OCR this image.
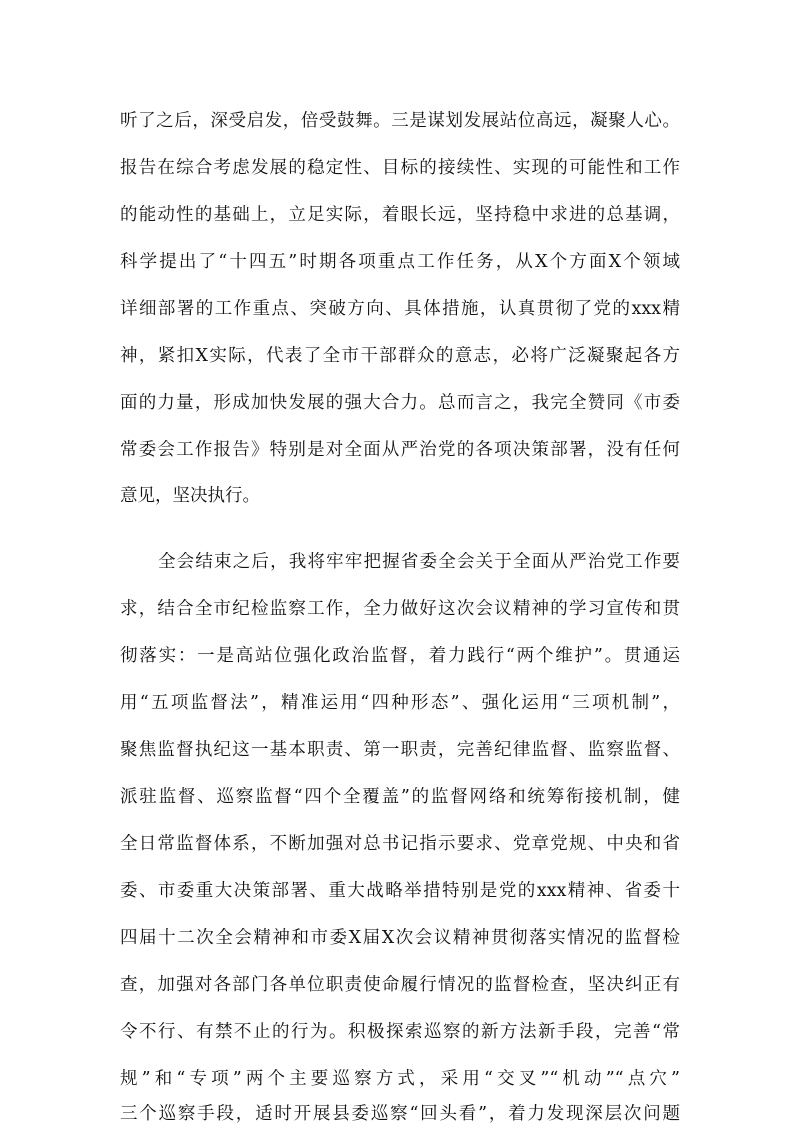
听了之后，深受启发，倍受鼓舞。三是谋划发展站位高远，凝聚人心。
报告在综合考虑发展的稳定性、目标的接续性、实现的可能性和工作
的能动性的基础上，立足实际，着眼长远，坚持稳中求进的总基调，
科学提出了“十四五”时期各项重点工作任务，从X个方面X个领域
详细部署的工作重点、突破方向、具体措施，认真贯彻了党的xxx精
神，紧扣X实际，代表了全市干部群众的意志，必将广泛凝聚起各方
面的力量，形成加快发展的强大合力。总而言之，我完全赞同《市委
常委会工作报告》特别是对全面从严治党的各项决策部署，没有任何
意见，坚决执行。
全会结束之后，我将牢牢把握省委全会关于全面从严治党工作要
求，结合全市纪检监察工作，全力做好这次会议精神的学习宣传和贯
彻落实：一是高站位强化政治监督，着力践行“两个维护”。贯通运
用“五项监督法”，精准运用“四种形态”、强化运用“三项机制”，
聚焦监督执纪这一基本职责、第一职责，完善纪律监督、监察监督、
派驻监督、巡察监督“四个全覆盖”的监督网络和统筹衔接机制，健
全日常监督体系，不断加强对总书记指示要求、党章党规、中央和省
委、市委重大决策部署、重大战略举措特别是党的xxx精神、省委十
四届十二次全会精神和市委X届X次会议精神贯彻落实情况的监督检
查，加强对各部门各单位职责使命履行情况的监督检查，坚决纠正有
令不行、有禁不止的行为。积极探索巡察的新方法新手段，完善“常
规”和“专项”两个主要巡察方式，采用“交叉”“机动”“点穴”
三个巡察手段，适时开展县委巡察“回头看”，着力发现深层次问题
